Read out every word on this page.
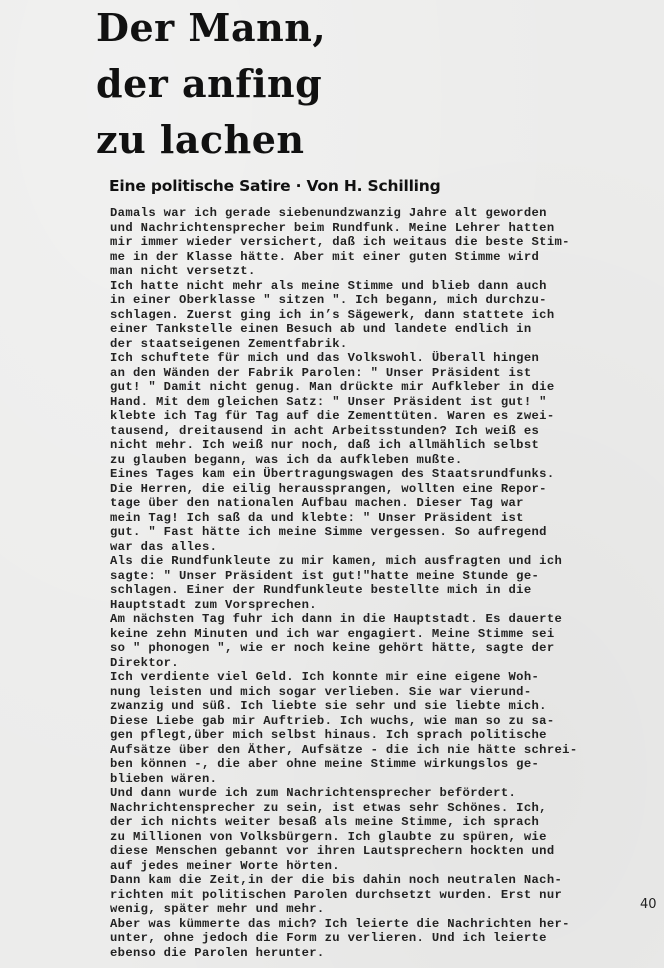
Der Mann,
der anfing
zu lachen
Eine politische Satire · Von H. Schilling
Damals war ich gerade siebenundzwanzig Jahre alt geworden
und Nachrichtensprecher beim Rundfunk. Meine Lehrer hatten
mir immer wieder versichert, daß ich weitaus die beste Stim-
me in der Klasse hätte. Aber mit einer guten Stimme wird
man nicht versetzt.
Ich hatte nicht mehr als meine Stimme und blieb dann auch
in einer Oberklasse " sitzen ". Ich begann, mich durchzu-
schlagen. Zuerst ging ich in’s Sägewerk, dann stattete ich
einer Tankstelle einen Besuch ab und landete endlich in
der staatseigenen Zementfabrik.
Ich schuftete für mich und das Volkswohl. Überall hingen
an den Wänden der Fabrik Parolen: " Unser Präsident ist
gut! " Damit nicht genug. Man drückte mir Aufkleber in die
Hand. Mit dem gleichen Satz: " Unser Präsident ist gut! "
klebte ich Tag für Tag auf die Zementtüten. Waren es zwei-
tausend, dreitausend in acht Arbeitsstunden? Ich weiß es
nicht mehr. Ich weiß nur noch, daß ich allmählich selbst
zu glauben begann, was ich da aufkleben mußte.
Eines Tages kam ein Übertragungswagen des Staatsrundfunks.
Die Herren, die eilig heraussprangen, wollten eine Repor-
tage über den nationalen Aufbau machen. Dieser Tag war
mein Tag! Ich saß da und klebte: " Unser Präsident ist
gut. " Fast hätte ich meine Simme vergessen. So aufregend
war das alles.
Als die Rundfunkleute zu mir kamen, mich ausfragten und ich
sagte: " Unser Präsident ist gut!"hatte meine Stunde ge-
schlagen. Einer der Rundfunkleute bestellte mich in die
Hauptstadt zum Vorsprechen.
Am nächsten Tag fuhr ich dann in die Hauptstadt. Es dauerte
keine zehn Minuten und ich war engagiert. Meine Stimme sei
so " phonogen ", wie er noch keine gehört hätte, sagte der
Direktor.
Ich verdiente viel Geld. Ich konnte mir eine eigene Woh-
nung leisten und mich sogar verlieben. Sie war vierund-
zwanzig und süß. Ich liebte sie sehr und sie liebte mich.
Diese Liebe gab mir Auftrieb. Ich wuchs, wie man so zu sa-
gen pflegt,über mich selbst hinaus. Ich sprach politische
Aufsätze über den Äther, Aufsätze - die ich nie hätte schrei-
ben können -, die aber ohne meine Stimme wirkungslos ge-
blieben wären.
Und dann wurde ich zum Nachrichtensprecher befördert.
Nachrichtensprecher zu sein, ist etwas sehr Schönes. Ich,
der ich nichts weiter besaß als meine Stimme, ich sprach
zu Millionen von Volksbürgern. Ich glaubte zu spüren, wie
diese Menschen gebannt vor ihren Lautsprechern hockten und
auf jedes meiner Worte hörten.
Dann kam die Zeit,in der die bis dahin noch neutralen Nach-
richten mit politischen Parolen durchsetzt wurden. Erst nur
wenig, später mehr und mehr.
Aber was kümmerte das mich? Ich leierte die Nachrichten her-
unter, ohne jedoch die Form zu verlieren. Und ich leierte
ebenso die Parolen herunter.
40
